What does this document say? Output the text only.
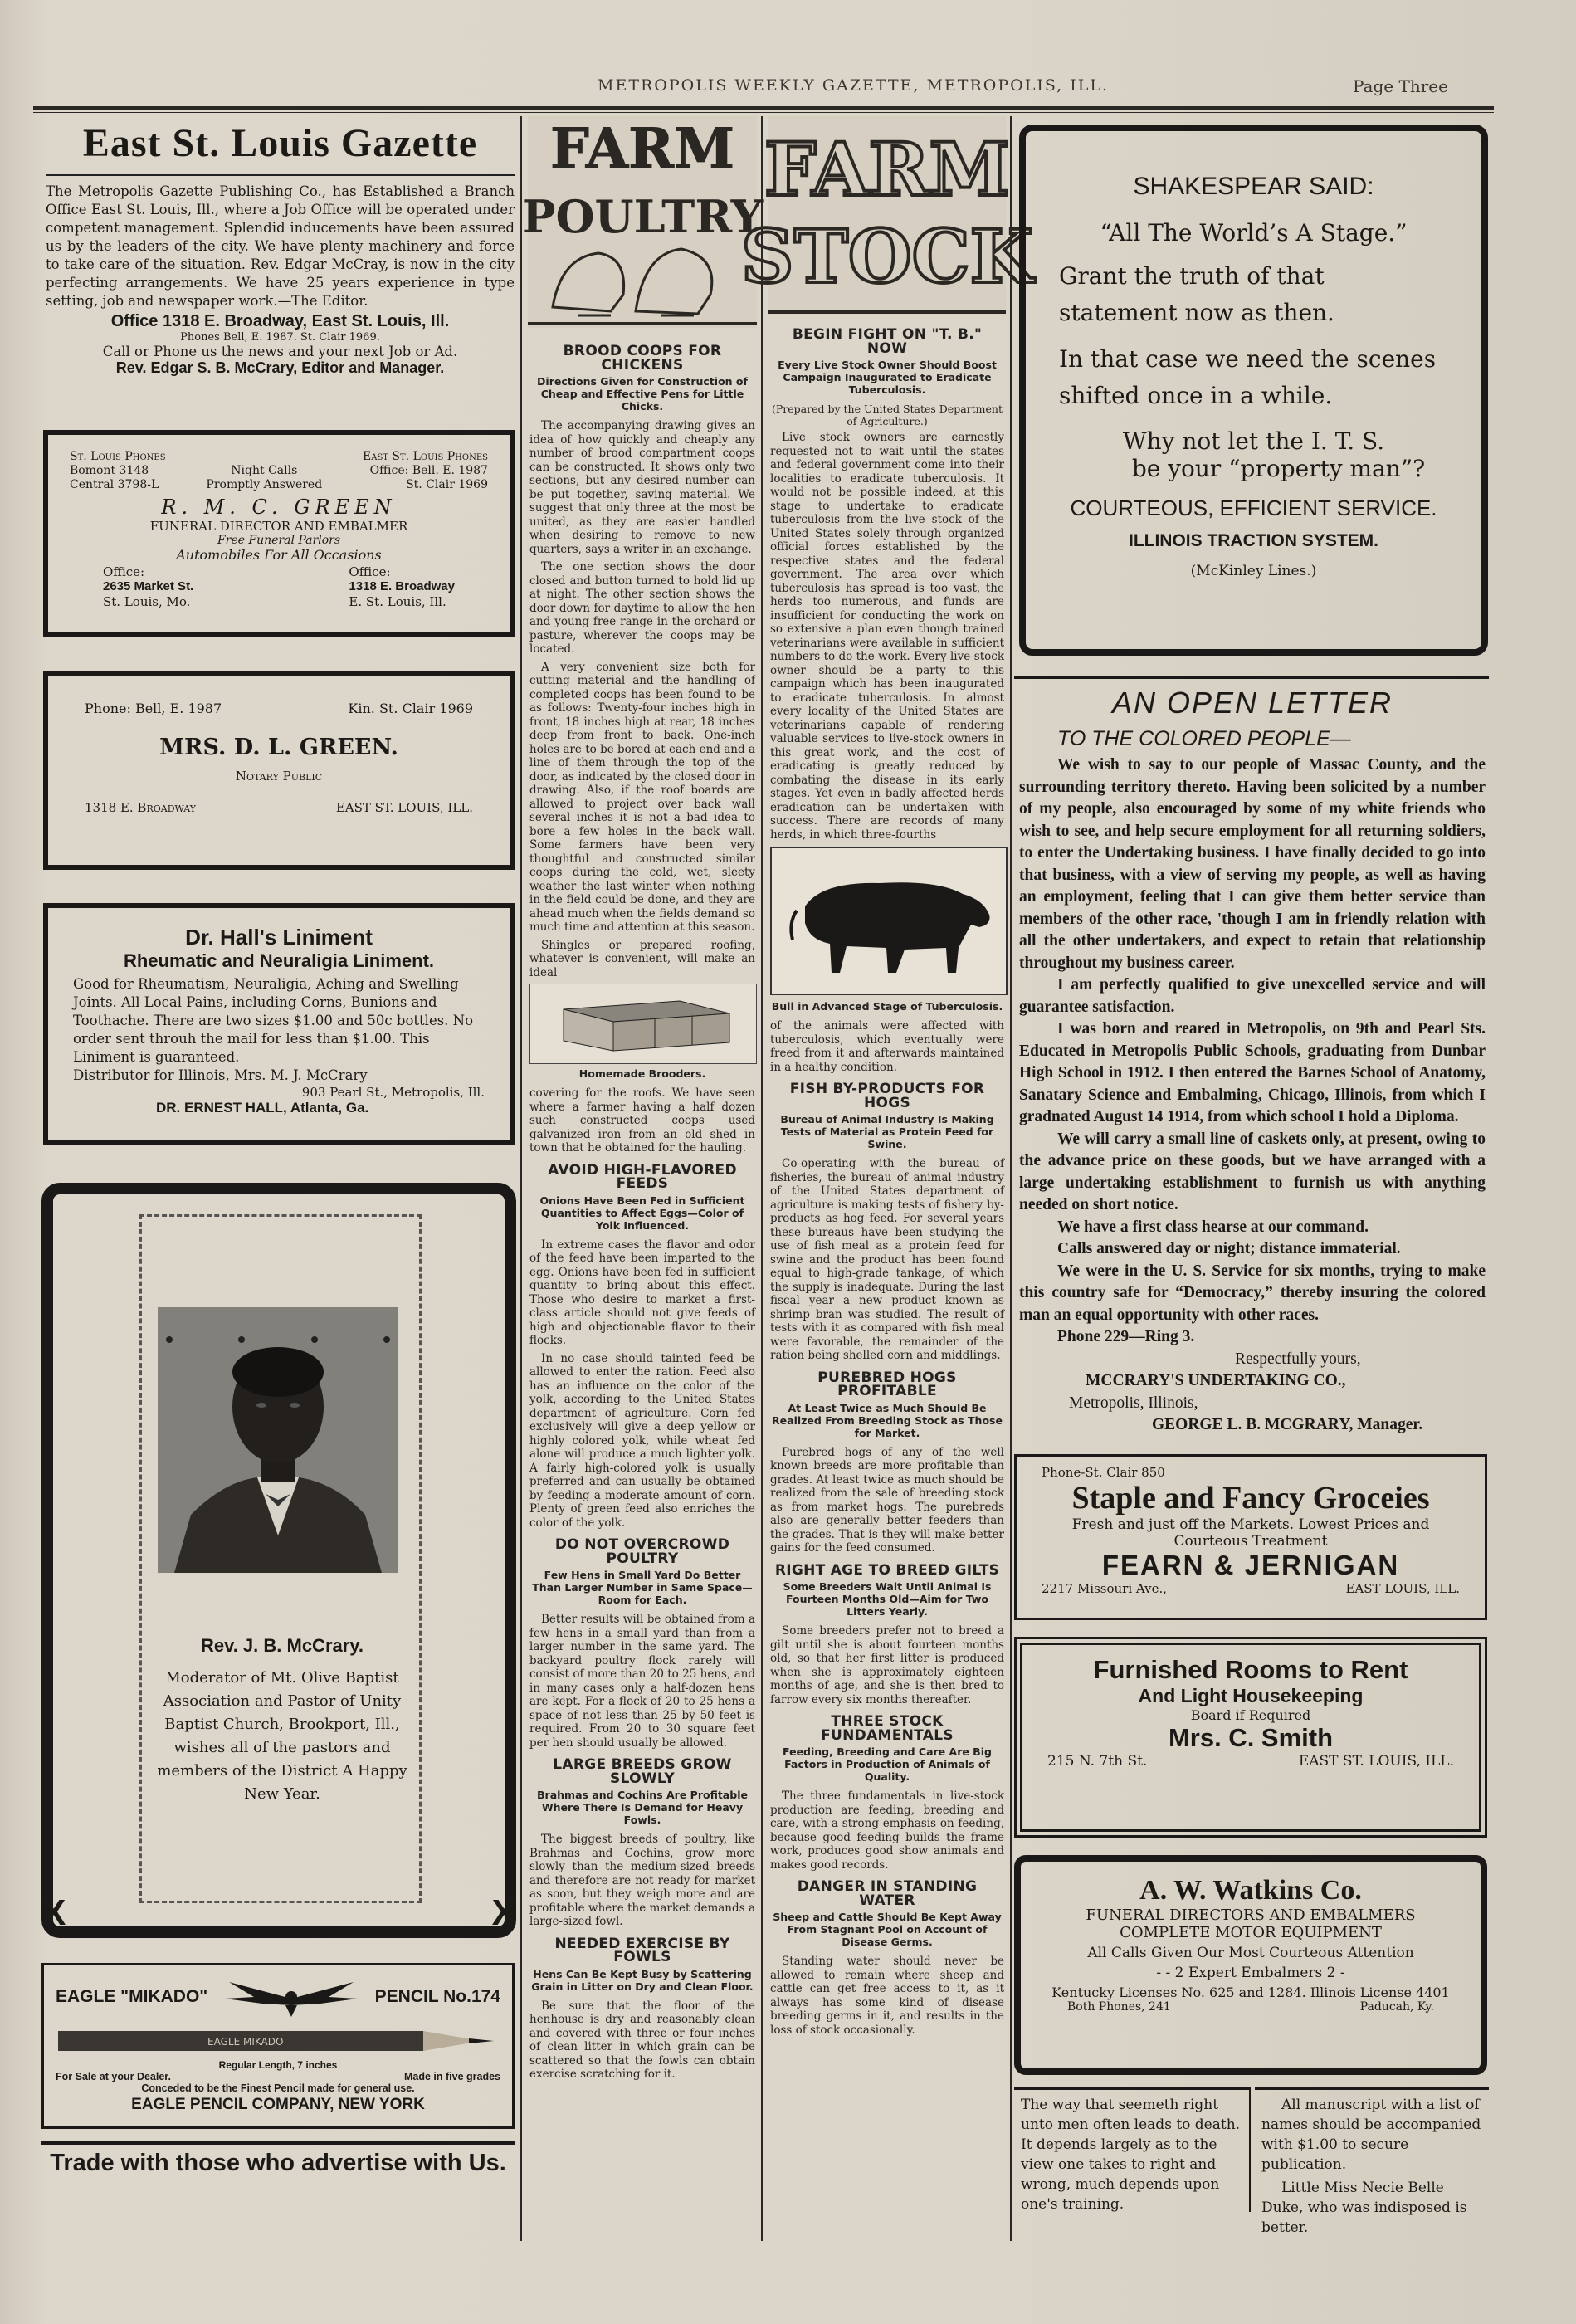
METROPOLIS WEEKLY GAZETTE, METROPOLIS, ILL.	Page Three
East St. Louis Gazette
The Metropolis Gazette Publishing Co., has Established a Branch Office East St. Louis, Ill., where a Job Office will be operated under competent management. Splendid inducements have been assured us by the leaders of the city. We have plenty machinery and force to take care of the situation. Rev. Edgar McCray, is now in the city perfecting arrangements. We have 25 years experience in type setting, job and newspaper work.—The Editor.
Office 1318 E. Broadway, East St. Louis, Ill.
Phones Bell, E. 1987. St. Clair 1969.
Call or Phone us the news and your next Job or Ad.
Rev. Edgar S. B. McCrary, Editor and Manager.
St. Louis Phones
Bomont 3148
Central 3798-L
Night Calls
Promptly Answered
East St. Louis Phones
Office: Bell. E. 1987
St. Clair 1969
R. M. C. GREEN
FUNERAL DIRECTOR AND EMBALMER
Free Funeral Parlors
Automobiles For All Occasions
Office:
2635 Market St.
St. Louis, Mo.
Office:
1318 E. Broadway
E. St. Louis, Ill.
Phone: Bell, E. 1987	Kin. St. Clair 1969
MRS. D. L. GREEN.
Notary Public
1318 E. Broadway	EAST ST. LOUIS, ILL.
Dr. Hall's Liniment
Rheumatic and Neuraligia Liniment.
Good for Rheumatism, Neuraligia, Aching and Swelling Joints. All Local Pains, including Corns, Bunions and Toothache. There are two sizes $1.00 and 50c bottles. No order sent throuh the mail for less than $1.00. This Liniment is guaranteed.
Distributor for Illinois, Mrs. M. J. McCrary
903 Pearl St., Metropolis, Ill.
DR. ERNEST HALL, Atlanta, Ga.
Rev. J. B. McCrary.
Moderator of Mt. Olive Baptist Association and Pastor of Unity Baptist Church, Brookport, Ill., wishes all of the pastors and members of the District A Happy New Year.
X	X
EAGLE "MIKADO"	PENCIL No.174
EAGLE MIKADO
Regular Length, 7 inches
For Sale at your Dealer.	Made in five grades
Conceded to be the Finest Pencil made for general use.
EAGLE PENCIL COMPANY, NEW YORK
Trade with those who advertise with Us.
FARM
POULTRY
BROOD COOPS FOR CHICKENS
Directions Given for Construction of Cheap and Effective Pens for Little Chicks.

The accompanying drawing gives an idea of how quickly and cheaply any number of brood compartment coops can be constructed. It shows only two sections, but any desired number can be put together, saving material. We suggest that only three at the most be united, as they are easier handled when desiring to remove to new quarters, says a writer in an exchange.

The one section shows the door closed and button turned to hold lid up at night. The other section shows the door down for daytime to allow the hen and young free range in the orchard or pasture, wherever the coops may be located.

A very convenient size both for cutting material and the handling of completed coops has been found to be as follows: Twenty-four inches high in front, 18 inches high at rear, 18 inches deep from front to back. One-inch holes are to be bored at each end and a line of them through the top of the door, as indicated by the closed door in drawing. Also, if the roof boards are allowed to project over back wall several inches it is not a bad idea to bore a few holes in the back wall. Some farmers have been very thoughtful and constructed similar coops during the cold, wet, sleety weather the last winter when nothing in the field could be done, and they are ahead much when the fields demand so much time and attention at this season.

Shingles or prepared roofing, whatever is convenient, will make an ideal

Homemade Brooders.

covering for the roofs. We have seen where a farmer having a half dozen such constructed coops used galvanized iron from an old shed in town that he obtained for the hauling.

AVOID HIGH-FLAVORED FEEDS
Onions Have Been Fed in Sufficient Quantities to Affect Eggs—Color of Yolk Influenced.

In extreme cases the flavor and odor of the feed have been imparted to the egg. Onions have been fed in sufficient quantity to bring about this effect. Those who desire to market a first-class article should not give feeds of high and objectionable flavor to their flocks.

In no case should tainted feed be allowed to enter the ration. Feed also has an influence on the color of the yolk, according to the United States department of agriculture. Corn fed exclusively will give a deep yellow or highly colored yolk, while wheat fed alone will produce a much lighter yolk. A fairly high-colored yolk is usually preferred and can usually be obtained by feeding a moderate amount of corn. Plenty of green feed also enriches the color of the yolk.

DO NOT OVERCROWD POULTRY
Few Hens in Small Yard Do Better Than Larger Number in Same Space—Room for Each.

Better results will be obtained from a few hens in a small yard than from a larger number in the same yard. The backyard poultry flock rarely will consist of more than 20 to 25 hens, and in many cases only a half-dozen hens are kept. For a flock of 20 to 25 hens a space of not less than 25 by 50 feet is required. From 20 to 30 square feet per hen should usually be allowed.

LARGE BREEDS GROW SLOWLY
Brahmas and Cochins Are Profitable Where There Is Demand for Heavy Fowls.

The biggest breeds of poultry, like Brahmas and Cochins, grow more slowly than the medium-sized breeds and therefore are not ready for market as soon, but they weigh more and are profitable where the market demands a large-sized fowl.

NEEDED EXERCISE BY FOWLS
Hens Can Be Kept Busy by Scattering Grain in Litter on Dry and Clean Floor.

Be sure that the floor of the henhouse is dry and reasonably clean and covered with three or four inches of clean litter in which grain can be scattered so that the fowls can obtain exercise scratching for it.

FARM
STOCK
BEGIN FIGHT ON "T. B." NOW
Every Live Stock Owner Should Boost Campaign Inaugurated to Eradicate Tuberculosis.
(Prepared by the United States Department of Agriculture.)

Live stock owners are earnestly requested not to wait until the states and federal government come into their localities to eradicate tuberculosis. It would not be possible indeed, at this stage to undertake to eradicate tuberculosis from the live stock of the United States solely through organized official forces established by the respective states and the federal government. The area over which tuberculosis has spread is too vast, the herds too numerous, and funds are insufficient for conducting the work on so extensive a plan even though trained veterinarians were available in sufficient numbers to do the work. Every live-stock owner should be a party to this campaign which has been inaugurated to eradicate tuberculosis. In almost every locality of the United States are veterinarians capable of rendering valuable services to live-stock owners in this great work, and the cost of eradicating is greatly reduced by combating the disease in its early stages. Yet even in badly affected herds eradication can be undertaken with success. There are records of many herds, in which three-fourths

Bull in Advanced Stage of Tuberculosis.

of the animals were affected with tuberculosis, which eventually were freed from it and afterwards maintained in a healthy condition.

FISH BY-PRODUCTS FOR HOGS
Bureau of Animal Industry Is Making Tests of Material as Protein Feed for Swine.

Co-operating with the bureau of fisheries, the bureau of animal industry of the United States department of agriculture is making tests of fishery by-products as hog feed. For several years these bureaus have been studying the use of fish meal as a protein feed for swine and the product has been found equal to high-grade tankage, of which the supply is inadequate. During the last fiscal year a new product known as shrimp bran was studied. The result of tests with it as compared with fish meal were favorable, the remainder of the ration being shelled corn and middlings.

PUREBRED HOGS PROFITABLE
At Least Twice as Much Should Be Realized From Breeding Stock as Those for Market.

Purebred hogs of any of the well known breeds are more profitable than grades. At least twice as much should be realized from the sale of breeding stock as from market hogs. The purebreds also are generally better feeders than the grades. That is they will make better gains for the feed consumed.

RIGHT AGE TO BREED GILTS
Some Breeders Wait Until Animal Is Fourteen Months Old—Aim for Two Litters Yearly.

Some breeders prefer not to breed a gilt until she is about fourteen months old, so that her first litter is produced when she is approximately eighteen months of age, and she is then bred to farrow every six months thereafter.

THREE STOCK FUNDAMENTALS
Feeding, Breeding and Care Are Big Factors in Production of Animals of Quality.

The three fundamentals in live-stock production are feeding, breeding and care, with a strong emphasis on feeding, because good feeding builds the frame work, produces good show animals and makes good records.

DANGER IN STANDING WATER
Sheep and Cattle Should Be Kept Away From Stagnant Pool on Account of Disease Germs.

Standing water should never be allowed to remain where sheep and cattle can get free access to it, as it always has some kind of disease breeding germs in it, and results in the loss of stock occasionally.

SHAKESPEAR SAID:
“All The World’s A Stage.”
Grant the truth of that statement now as then.
In that case we need the scenes shifted once in a while.
Why not let the I. T. S.
be your “property man”?
COURTEOUS, EFFICIENT SERVICE.
ILLINOIS TRACTION SYSTEM.
(McKinley Lines.)
AN OPEN LETTER
TO THE COLORED PEOPLE—

We wish to say to our people of Massac County, and the surrounding territory thereto. Having been solicited by a number of my people, also encouraged by some of my white friends who wish to see, and help secure employment for all returning soldiers, to enter the Undertaking business. I have finally decided to go into that business, with a view of serving my people, as well as having an employment, feeling that I can give them better service than members of the other race, 'though I am in friendly relation with all the other undertakers, and expect to retain that relationship throughout my business career.

I am perfectly qualified to give unexcelled service and will guarantee satisfaction.

I was born and reared in Metropolis, on 9th and Pearl Sts. Educated in Metropolis Public Schools, graduating from Dunbar High School in 1912. I then entered the Barnes School of Anatomy, Sanatary Science and Embalming, Chicago, Illinois, from which I gradnated August 14 1914, from which school I hold a Diploma.

We will carry a small line of caskets only, at present, owing to the advance price on these goods, but we have arranged with a large undertaking establishment to furnish us with anything needed on short notice.

We have a first class hearse at our command.

Calls answered day or night; distance immaterial.

We were in the U. S. Service for six months, trying to make this country safe for “Democracy,” thereby insuring the colored man an equal opportunity with other races.

Phone 229—Ring 3.

Respectfully yours,
MCCRARY'S UNDERTAKING CO.,
Metropolis, Illinois,
GEORGE L. B. MCGRARY, Manager.
Phone-St. Clair 850
Staple and Fancy Groceies
Fresh and just off the Markets. Lowest Prices and
Courteous Treatment
FEARN & JERNIGAN
2217 Missouri Ave.,	EAST LOUIS, ILL.
Furnished Rooms to Rent
And Light Housekeeping
Board if Required
Mrs. C. Smith
215 N. 7th St.	EAST ST. LOUIS, ILL.
A. W. Watkins Co.
FUNERAL DIRECTORS AND EMBALMERS
COMPLETE MOTOR EQUIPMENT
All Calls Given Our Most Courteous Attention
- - 2 Expert Embalmers 2 -
Kentucky Licenses No. 625 and 1284. Illinois License 4401
Both Phones, 241	Paducah, Ky.
The way that seemeth right unto men often leads to death. It depends largely as to the view one takes to right and wrong, much depends upon one's training.
All manuscript with a list of names should be accompanied with $1.00 to secure publication.
Little Miss Necie Belle Duke, who was indisposed is better.
